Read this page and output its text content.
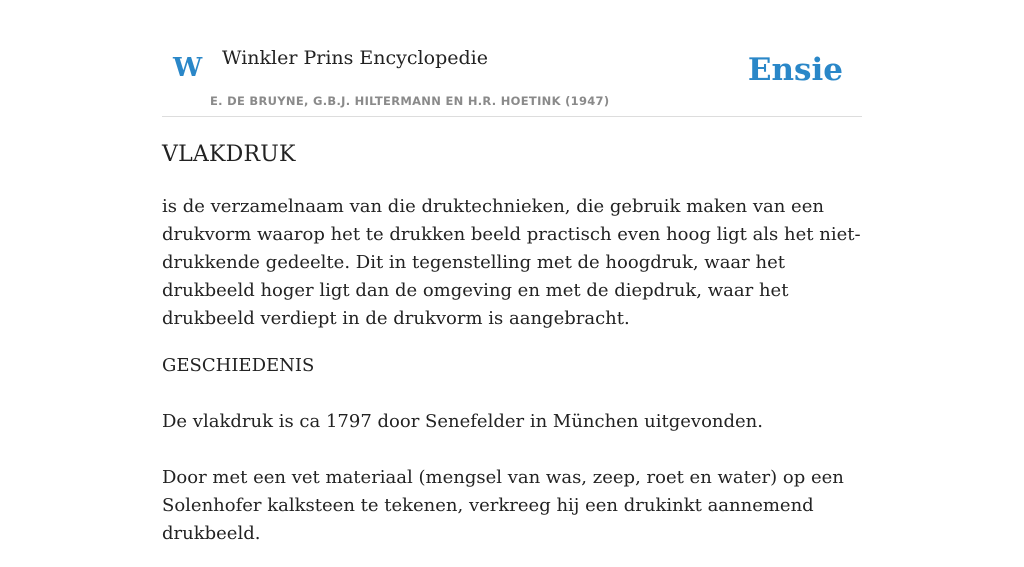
W Winkler Prins Encyclopedie
E. DE BRUYNE, G.B.J. HILTERMANN EN H.R. HOETINK (1947)
Ensie
VLAKDRUK

is de verzamelnaam van die druktechnieken, die gebruik maken van een drukvorm waarop het te drukken beeld practisch even hoog ligt als het niet-drukkende gedeelte. Dit in tegenstelling met de hoogdruk, waar het drukbeeld hoger ligt dan de omgeving en met de diepdruk, waar het drukbeeld verdiept in de drukvorm is aangebracht.

GESCHIEDENIS

De vlakdruk is ca 1797 door Senefelder in München uitgevonden.

Door met een vet materiaal (mengsel van was, zeep, roet en water) op een Solenhofer kalksteen te tekenen, verkreeg hij een drukinkt aannemend drukbeeld.
